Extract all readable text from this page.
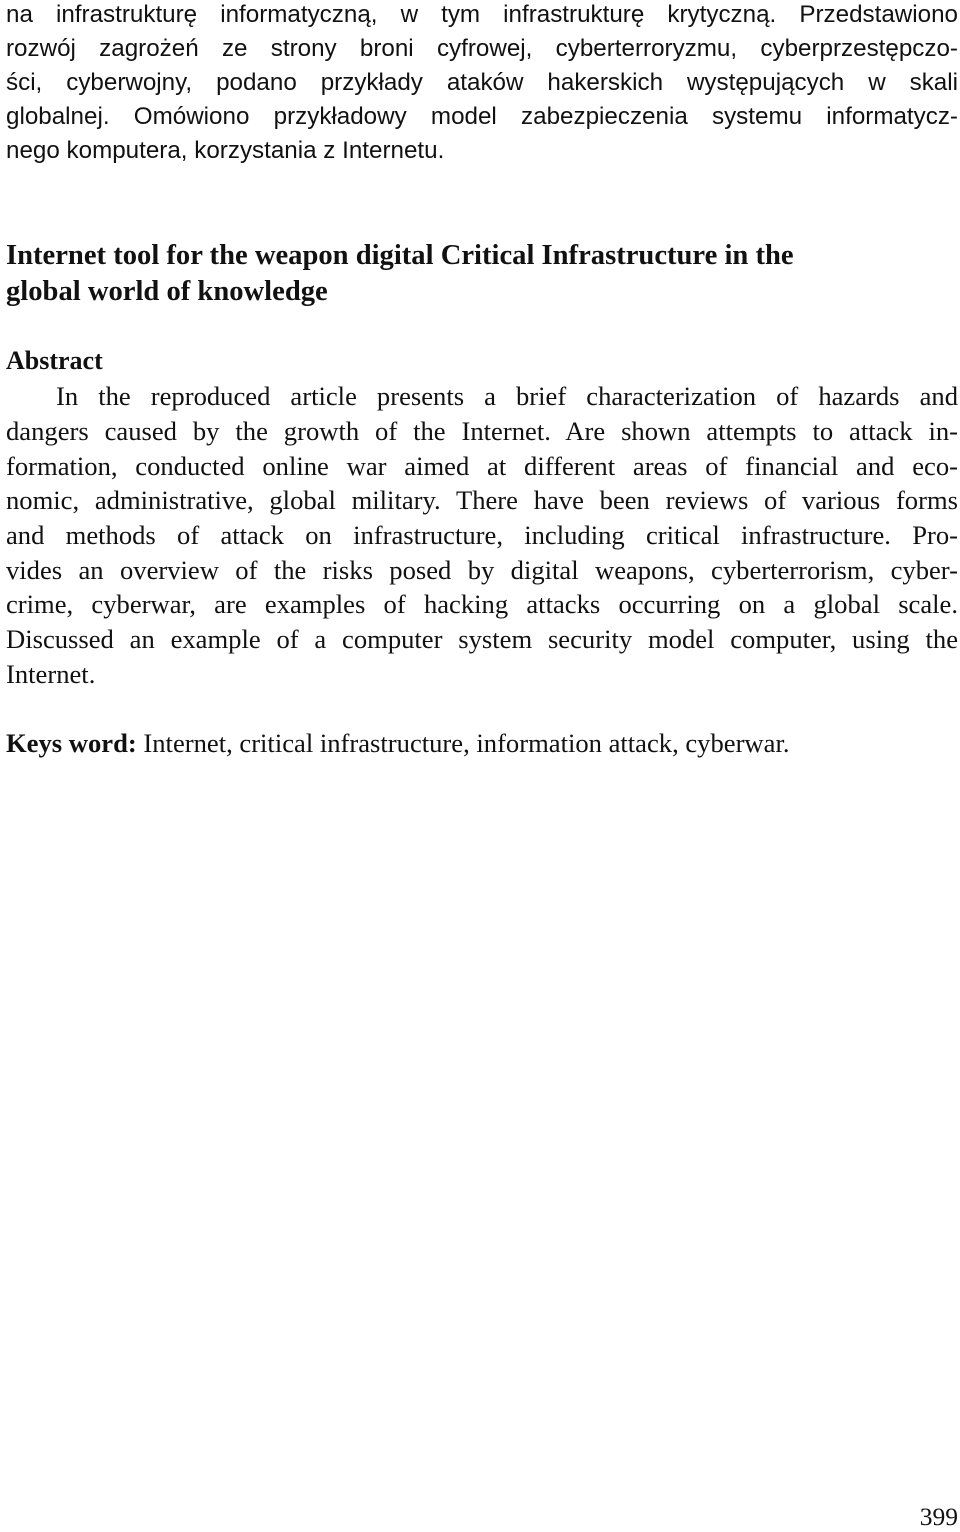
na infrastrukturę informatyczną, w tym infrastrukturę krytyczną. Przedstawiono

rozwój zagrożeń ze strony broni cyfrowej, cyberterroryzmu, cyberprzestępczo-

ści, cyberwojny, podano przykłady ataków hakerskich występujących w skali

globalnej. Omówiono przykładowy model zabezpieczenia systemu informatycz-

nego komputera, korzystania z Internetu.

Internet tool for the weapon digital Critical Infrastructure in the

global world of knowledge

Abstract

In the reproduced article presents a brief characterization of hazards and

dangers caused by the growth of the Internet. Are shown attempts to attack in-

formation, conducted online war aimed at different areas of financial and eco-

nomic, administrative, global military. There have been reviews of various forms

and methods of attack on infrastructure, including critical infrastructure. Pro-

vides an overview of the risks posed by digital weapons, cyberterrorism, cyber-

crime, cyberwar, are examples of hacking attacks occurring on a global scale.

Discussed an example of a computer system security model computer, using the

Internet.

Keys word: Internet, critical infrastructure, information attack, cyberwar.

399
